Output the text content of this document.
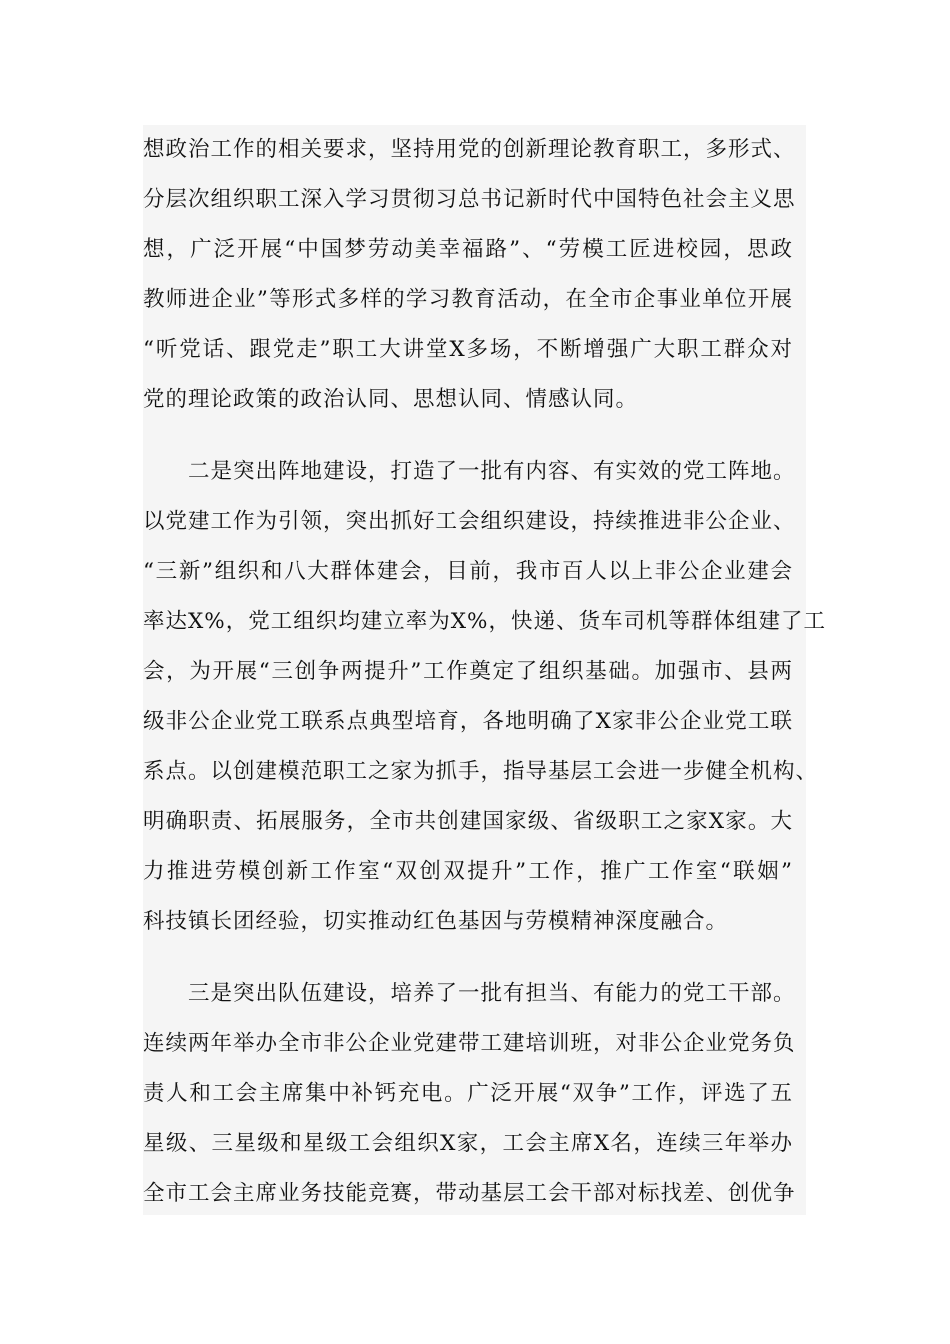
想政治工作的相关要求，坚持用党的创新理论教育职工，多形式、

分层次组织职工深入学习贯彻习总书记新时代中国特色社会主义思

想，广泛开展“中国梦劳动美幸福路”、“劳模工匠进校园，思政

教师进企业”等形式多样的学习教育活动，在全市企事业单位开展

“听党话、跟党走”职工大讲堂X多场，不断增强广大职工群众对

党的理论政策的政治认同、思想认同、情感认同。

二是突出阵地建设，打造了一批有内容、有实效的党工阵地。

以党建工作为引领，突出抓好工会组织建设，持续推进非公企业、

“三新”组织和八大群体建会，目前，我市百人以上非公企业建会

率达X%，党工组织均建立率为X%，快递、货车司机等群体组建了工

会，为开展“三创争两提升”工作奠定了组织基础。加强市、县两

级非公企业党工联系点典型培育，各地明确了X家非公企业党工联

系点。以创建模范职工之家为抓手，指导基层工会进一步健全机构、

明确职责、拓展服务，全市共创建国家级、省级职工之家X家。大

力推进劳模创新工作室“双创双提升”工作，推广工作室“联姻”

科技镇长团经验，切实推动红色基因与劳模精神深度融合。

三是突出队伍建设，培养了一批有担当、有能力的党工干部。

连续两年举办全市非公企业党建带工建培训班，对非公企业党务负

责人和工会主席集中补钙充电。广泛开展“双争”工作，评选了五

星级、三星级和星级工会组织X家，工会主席X名，连续三年举办

全市工会主席业务技能竞赛，带动基层工会干部对标找差、创优争
